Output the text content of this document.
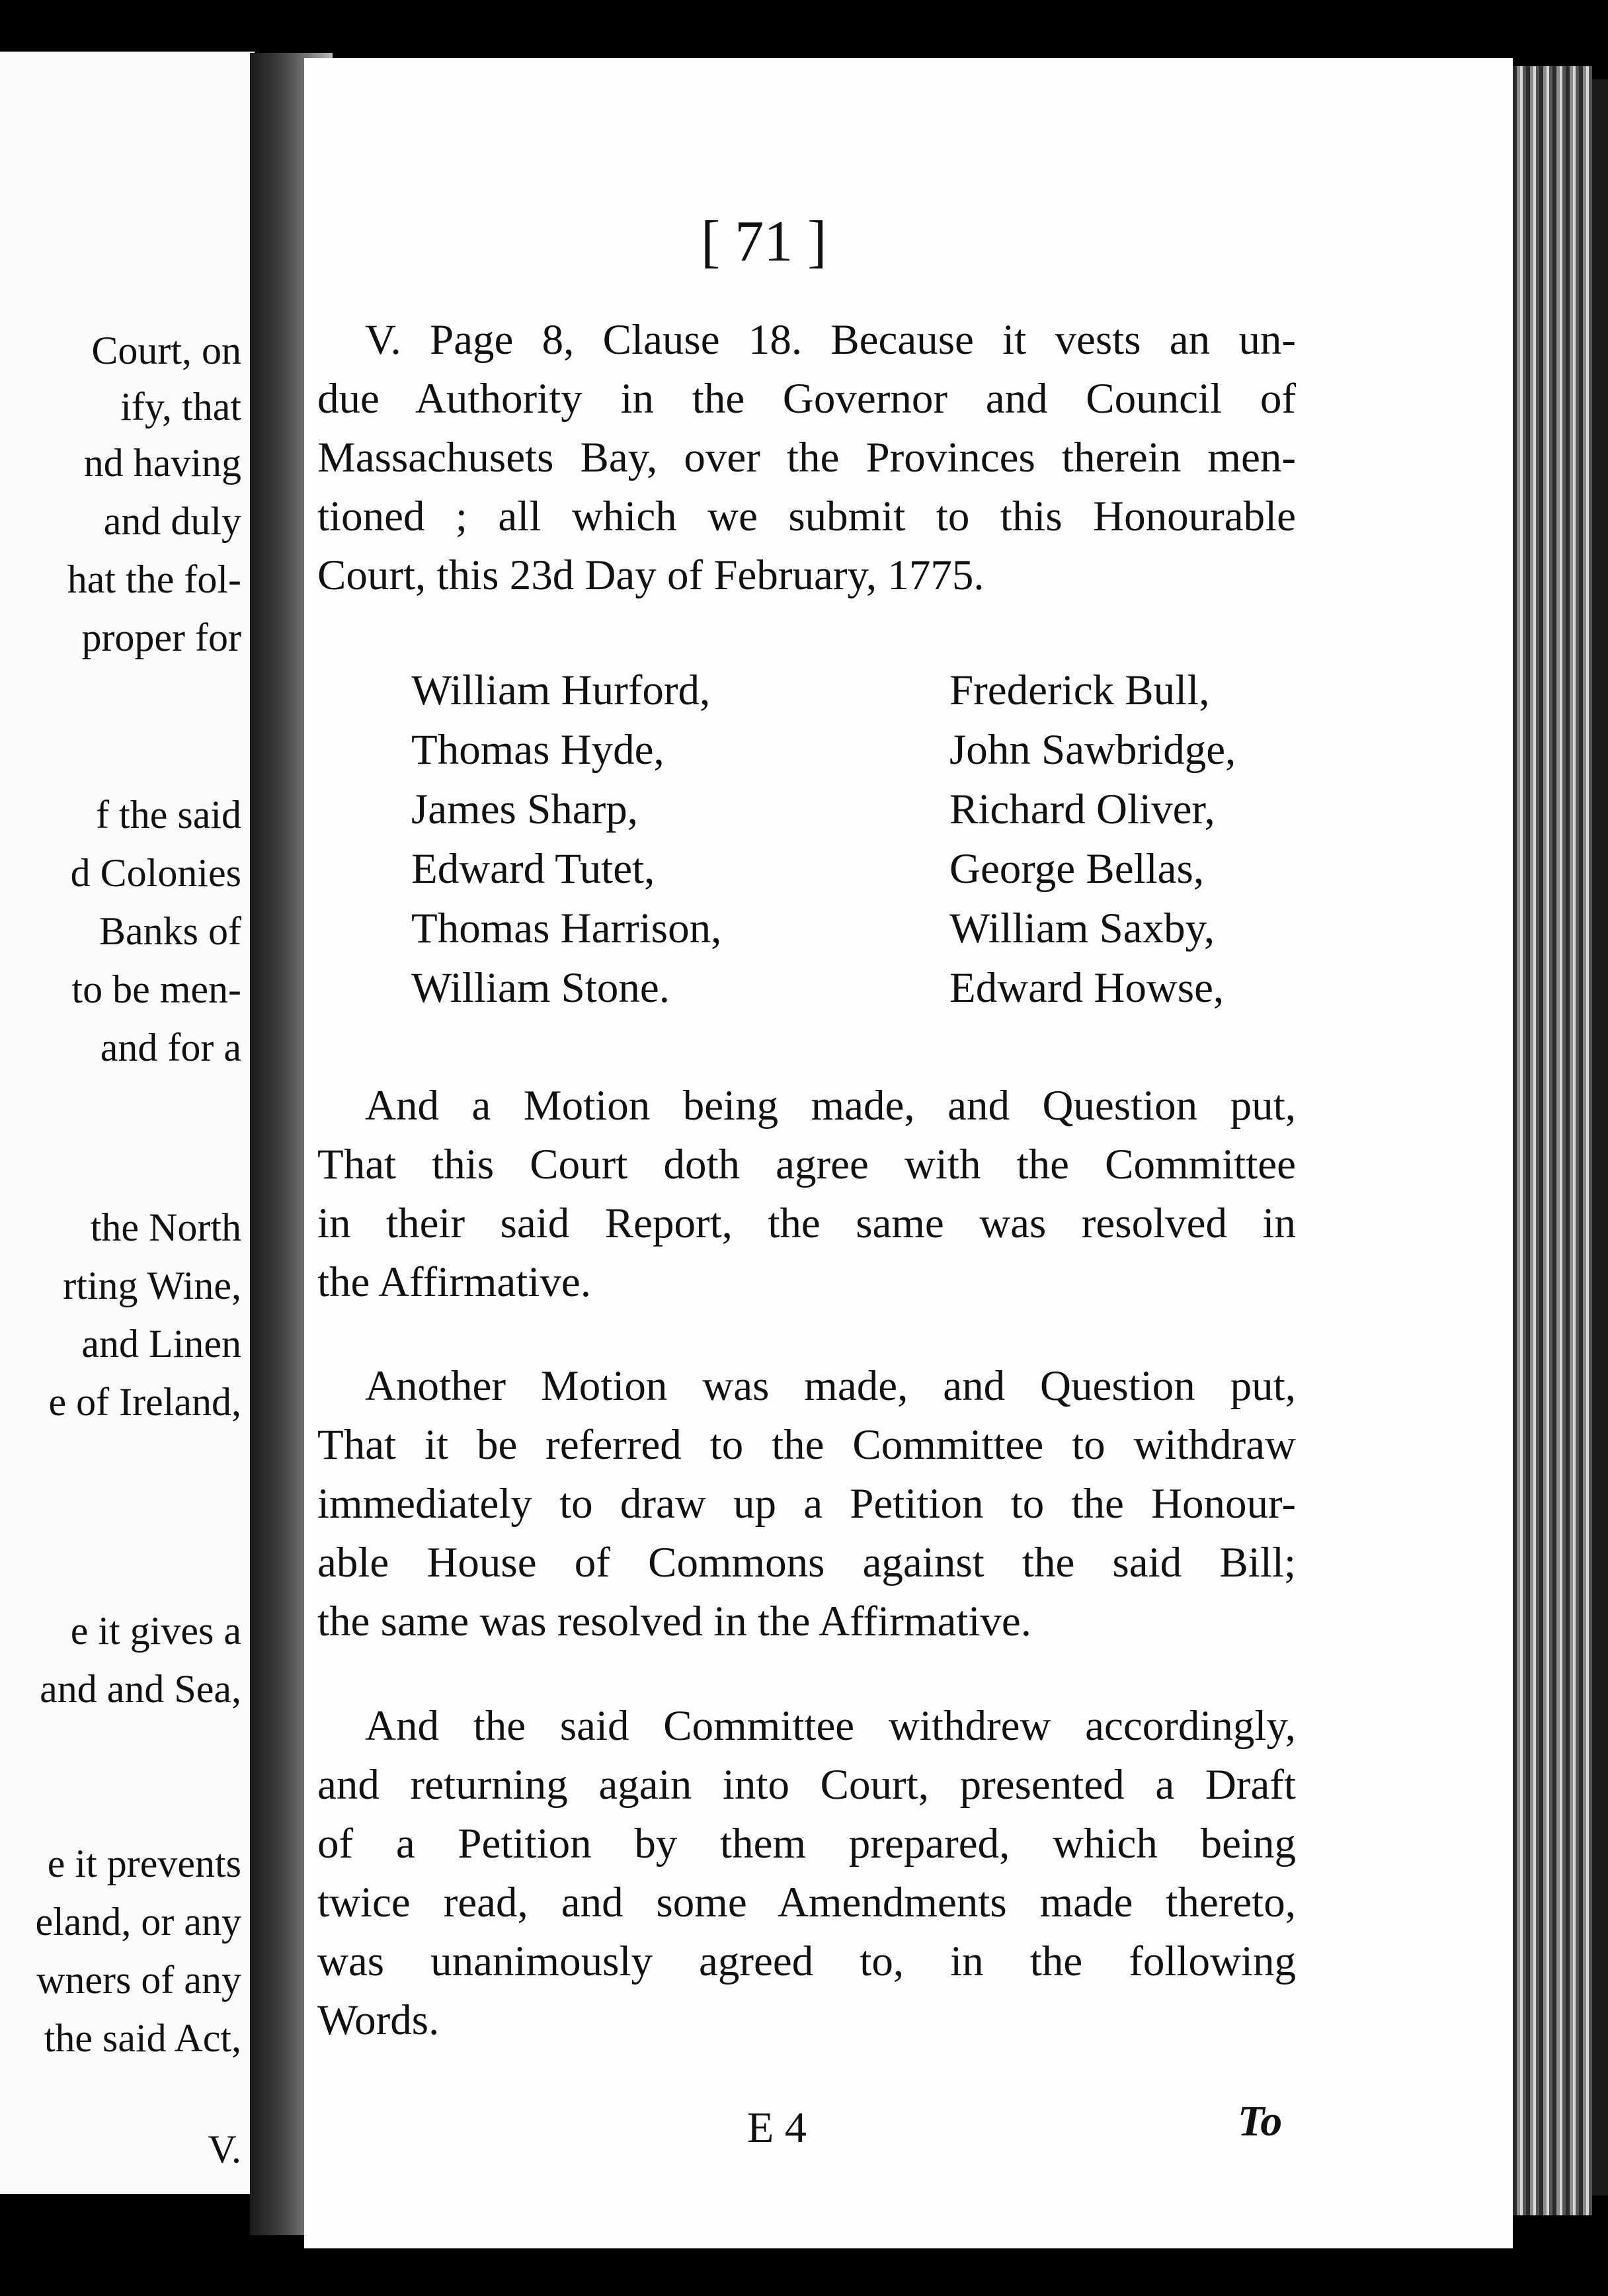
Court, on
ify, that
nd having
and duly
hat the fol-
proper for
f the said
d Colonies
Banks of
to be men-
and for a
the North
rting Wine,
and Linen
e of Ireland,
e it gives a
and and Sea,
e it prevents
eland, or any
wners of any
the said Act,
V.
[ 71 ]
V. Page 8, Clause 18. Because it vests an un-
due Authority in the Governor and Council of
Massachusets Bay, over the Provinces therein men-
tioned ; all which we submit to this Honourable
Court, this 23d Day of February, 1775.
And a Motion being made, and Question put,
That this Court doth agree with the Committee
in their said Report, the same was resolved in
the Affirmative.
Another Motion was made, and Question put,
That it be referred to the Committee to withdraw
immediately to draw up a Petition to the Honour-
able House of Commons against the said Bill;
the same was resolved in the Affirmative.
And the said Committee withdrew accordingly,
and returning again into Court, presented a Draft
of a Petition by them prepared, which being
twice read, and some Amendments made thereto,
was unanimously agreed to, in the following
Words.
E 4	To
William Hurford,
Thomas Hyde,
James Sharp,
Edward Tutet,
Thomas Harrison,
William Stone.
Frederick Bull,
John Sawbridge,
Richard Oliver,
George Bellas,
William Saxby,
Edward Howse,
